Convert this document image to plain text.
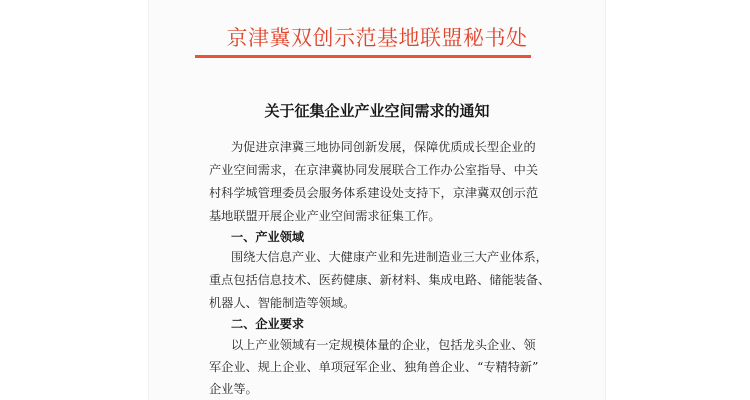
京津冀双创示范基地联盟秘书处
关于征集企业产业空间需求的通知
为促进京津冀三地协同创新发展，保障优质成长型企业的
产业空间需求，在京津冀协同发展联合工作办公室指导、中关
村科学城管理委员会服务体系建设处支持下，京津冀双创示范
基地联盟开展企业产业空间需求征集工作。
一、产业领域
围绕大信息产业、大健康产业和先进制造业三大产业体系，
重点包括信息技术、医药健康、新材料、集成电路、储能装备、
机器人、智能制造等领域。
二、企业要求
以上产业领域有一定规模体量的企业，包括龙头企业、领
军企业、规上企业、单项冠军企业、独角兽企业、“专精特新”
企业等。
